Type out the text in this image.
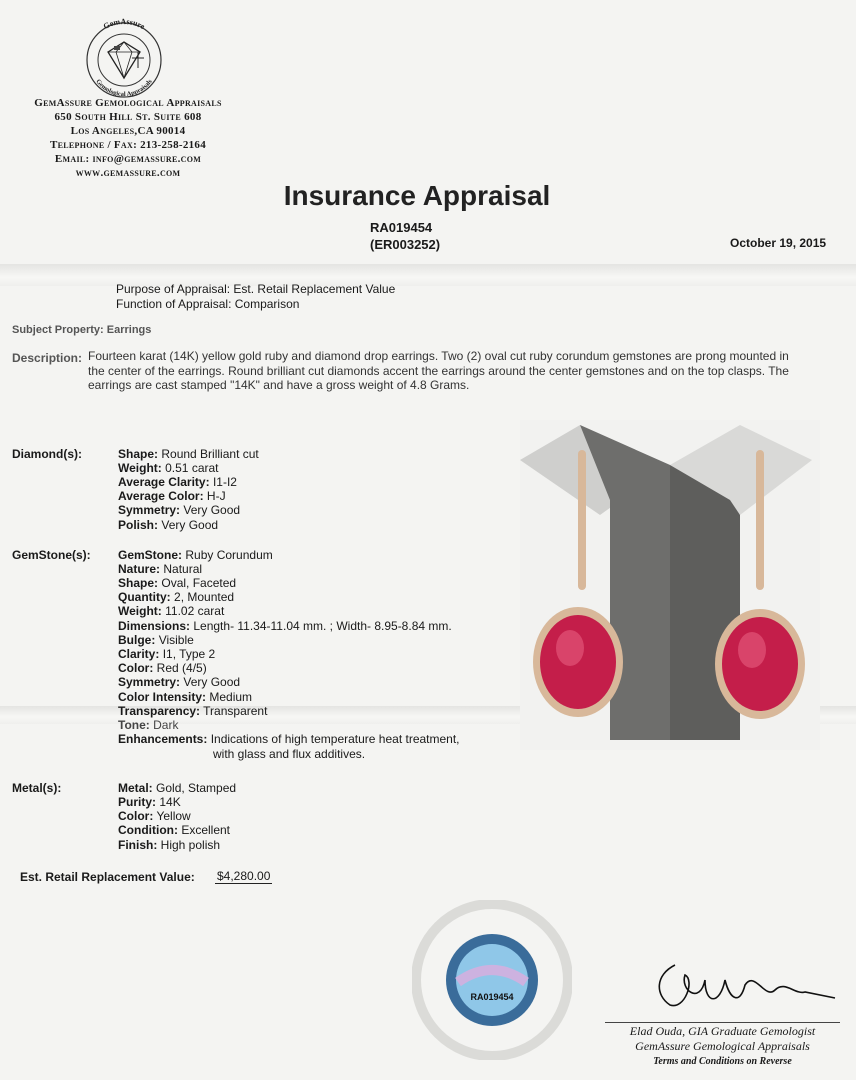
GemAssure
Gemological Appraisals
GemAssure Gemological Appraisals
650 South Hill St. Suite 608
Los Angeles,CA 90014
Telephone / Fax: 213-258-2164
Email: info@gemassure.com
www.gemassure.com
Insurance Appraisal
RA019454
(ER003252)	October 19, 2015
Purpose of Appraisal: Est. Retail Replacement Value
Function of Appraisal: Comparison
Subject Property: Earrings
Description: Fourteen karat (14K) yellow gold ruby and diamond drop earrings. Two (2) oval cut ruby corundum gemstones are prong mounted in the center of the earrings. Round brilliant cut diamonds accent the earrings around the center gemstones and on the top clasps. The earrings are cast stamped "14K" and have a gross weight of 4.8 Grams.
Diamond(s):	Shape: Round Brilliant cut
Weight: 0.51 carat
Average Clarity: I1-I2
Average Color: H-J
Symmetry: Very Good
Polish: Very Good
GemStone(s): GemStone: Ruby Corundum
Nature: Natural
Shape: Oval, Faceted
Quantity: 2, Mounted
Weight: 11.02 carat
Dimensions: Length- 11.34-11.04 mm. ; Width- 8.95-8.84 mm.
Bulge: Visible
Clarity: I1, Type 2
Color: Red (4/5)
Symmetry: Very Good
Color Intensity: Medium
Transparency: Transparent
Tone: Dark
Enhancements: Indications of high temperature heat treatment,
with glass and flux additives.
Metal(s):	Metal: Gold, Stamped
Purity: 14K
Color: Yellow
Condition: Excellent
Finish: High polish
Est. Retail Replacement Value: $4,280.00
RA019454
Elad Ouda, GIA Graduate Gemologist
GemAssure Gemological Appraisals
Terms and Conditions on Reverse
